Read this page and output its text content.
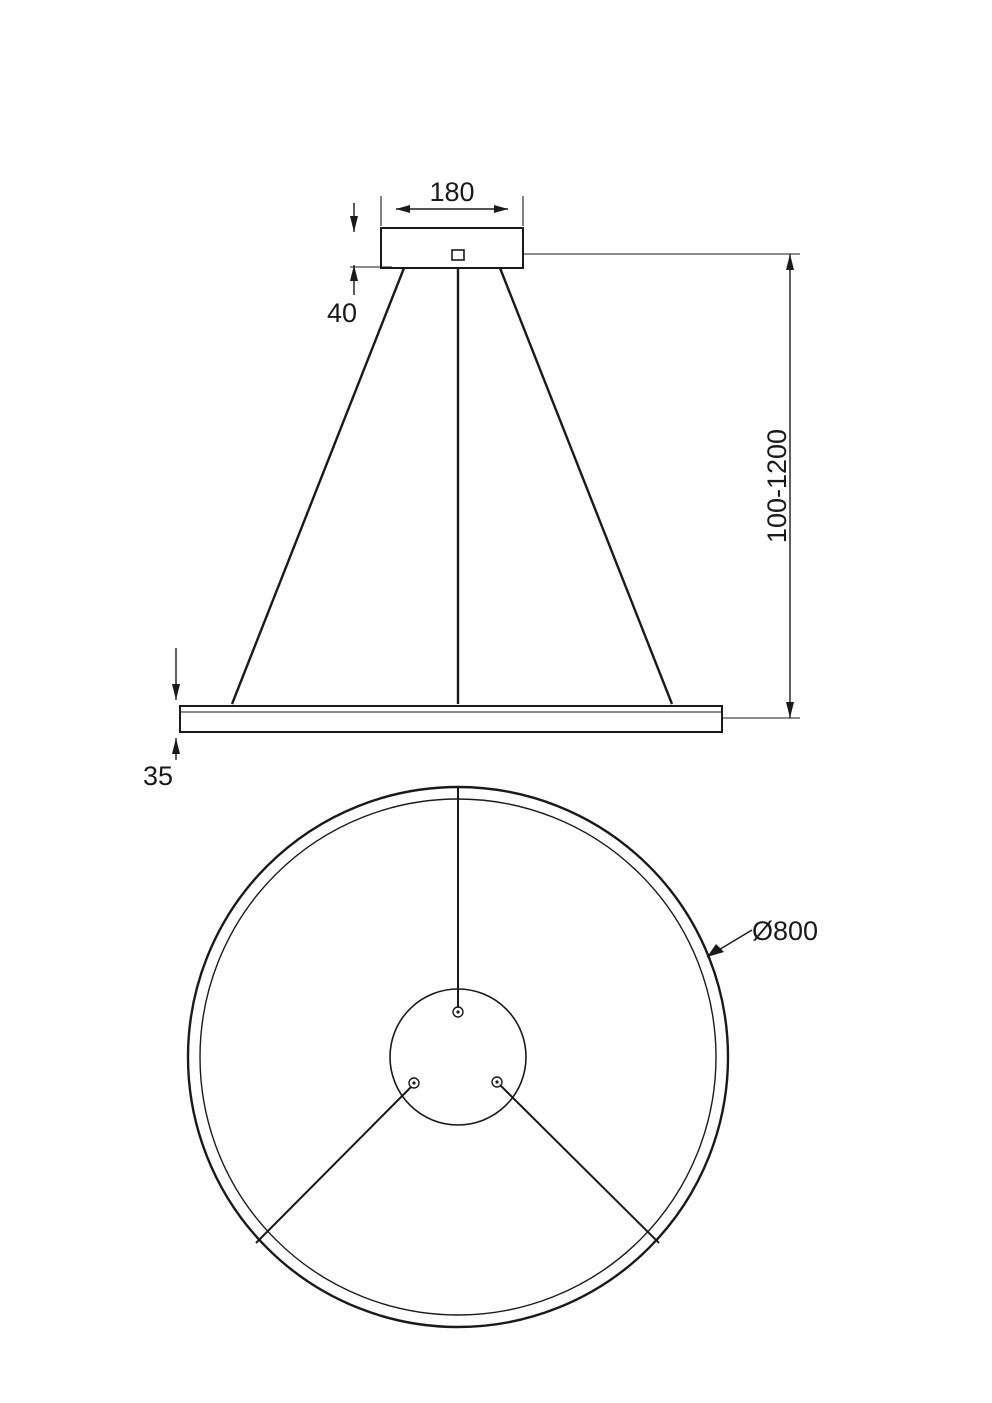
180
40
100-1200
35
Ø800
